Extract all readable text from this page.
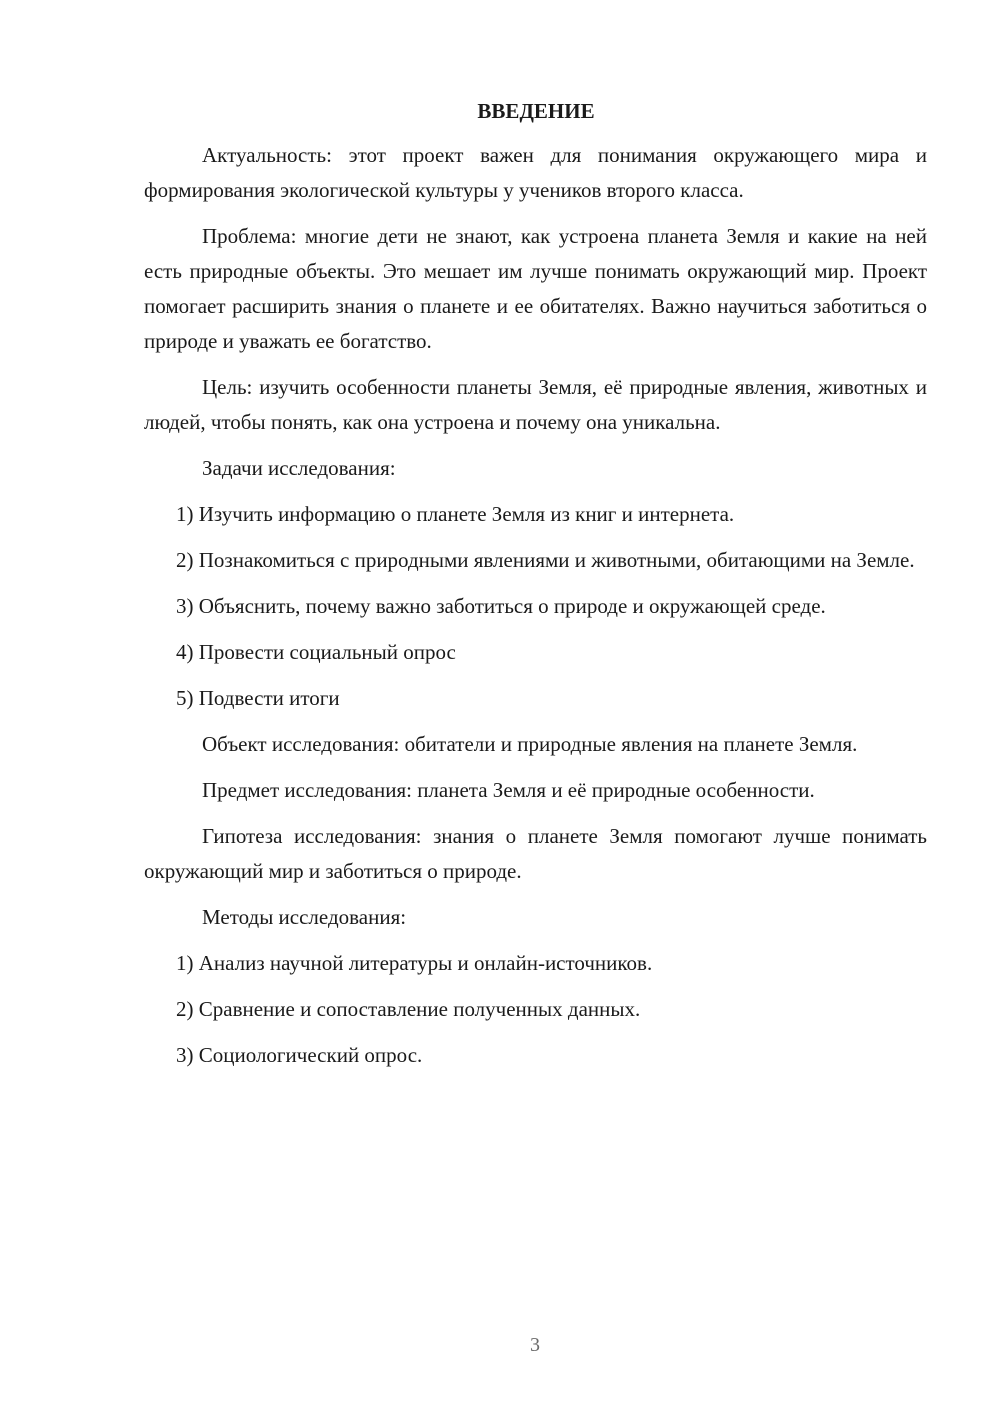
ВВЕДЕНИЕ

Актуальность: этот проект важен для понимания окружающего мира и формирования экологической культуры у учеников второго класса.

Проблема: многие дети не знают, как устроена планета Земля и какие на ней есть природные объекты. Это мешает им лучше понимать окружающий мир. Проект помогает расширить знания о планете и ее обитателях. Важно научиться заботиться о природе и уважать ее богатство.

Цель: изучить особенности планеты Земля, её природные явления, животных и людей, чтобы понять, как она устроена и почему она уникальна.

Задачи исследования:

1) Изучить информацию о планете Земля из книг и интернета.

2) Познакомиться с природными явлениями и животными, обитающими на Земле.

3) Объяснить, почему важно заботиться о природе и окружающей среде.

4) Провести социальный опрос

5) Подвести итоги

Объект исследования: обитатели и природные явления на планете Земля.

Предмет исследования: планета Земля и её природные особенности.

Гипотеза исследования: знания о планете Земля помогают лучше понимать окружающий мир и заботиться о природе.

Методы исследования:

1) Анализ научной литературы и онлайн-источников.

2) Сравнение и сопоставление полученных данных.

3) Социологический опрос.

3
